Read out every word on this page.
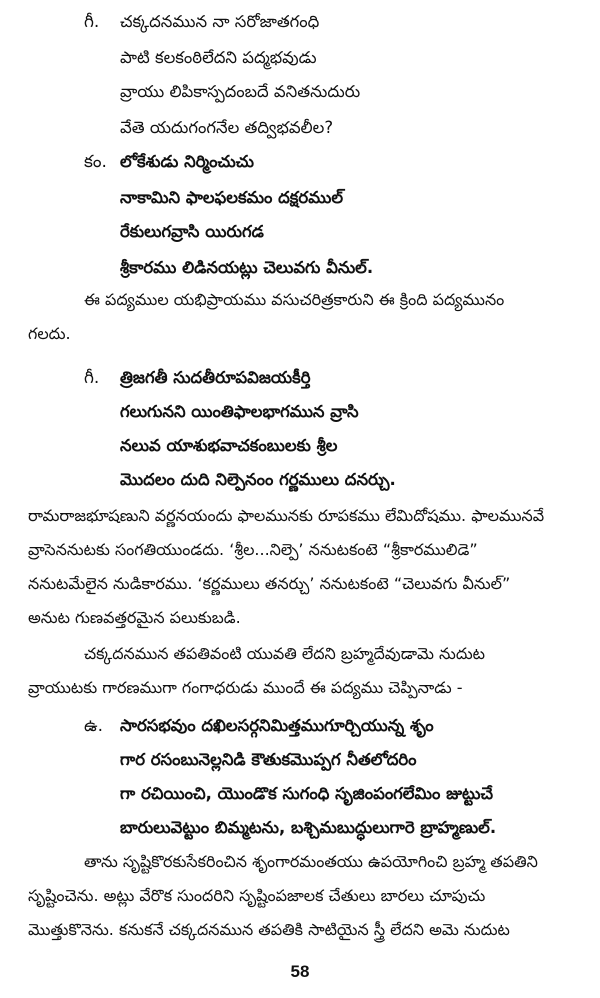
గీ. చక్కదనమున నా సరోజాతగంధి
పాటి కలకంఠిలేదని పద్మభవుడు
వ్రాయు లిపికాస్పదంబదే వనితనుదురు
వేతె యదుగంగనేల తద్విభవలీల?
కం. లోకేశుడు నిర్మించుచు
నాకామిని ఫాలఫలకమం దక్షరముల్
రేకులుగవ్రాసి యిరుగడ
శ్రీకారము లిడినయట్లు చెలువగు వీనుల్.
ఈ పద్యముల యభిప్రాయము వసుచరిత్రకారుని ఈ క్రింది పద్యమునం
గలదు.
గీ. త్రిజగతీ సుదతీరూపవిజయకీర్తి
గలుగునని యింతిఫాలభాగమున వ్రాసి
నలువ యాశుభవాచకంబులకు శ్రీల
మొదలం దుది నిల్పెనంం గర్ణములు దనర్చు.
రామరాజభూషణుని వర్ణనయందు ఫాలమునకు రూపకము లేమిదోషము. ఫాలమునవే
వ్రాసెననుటకు సంగతియుండదు. ‘శ్రీల...నిల్పె’ ననుటకంటె “శ్రీకారములిడె”
ననుటమేలైన నుడికారము. ‘కర్ణములు తనర్చు’ ననుటకంటె “చెలువగు వీనుల్”
అనుట గుణవత్తరమైన పలుకుబడి.
చక్కదనమున తపతివంటి యువతి లేదని బ్రహ్మదేవుడామె నుదుట
వ్రాయుటకు గారణముగా గంగాధరుడు ముందే ఈ పద్యము చెప్పినాడు -
ఉ. సారసభవుం దఖిలసర్గనిమిత్తముగూర్చియున్న శృం
గార రసంబునెల్లనిడి కౌతుకమొప్పగ నీతలోదరిం
గా రచియించి, యొండొక సుగంధి సృజింపంగలేమిం జుట్టుచే
బారులువెట్టుం బిమ్మటను, బశ్చిమబుద్ధులుగారె బ్రాహ్మణుల్.
తాను సృష్టికొరకుసేకరించిన శృంగారమంతయు ఉపయోగించి బ్రహ్మ తపతిని
సృష్టించెను. అట్లు వేరొక సుందరిని సృష్టింపజాలక చేతులు బారలు చూపుచు
మొత్తుకొనెను. కనుకనే చక్కదనమున తపతికి సాటియైన స్త్రీ లేదని అమె నుదుట
58
